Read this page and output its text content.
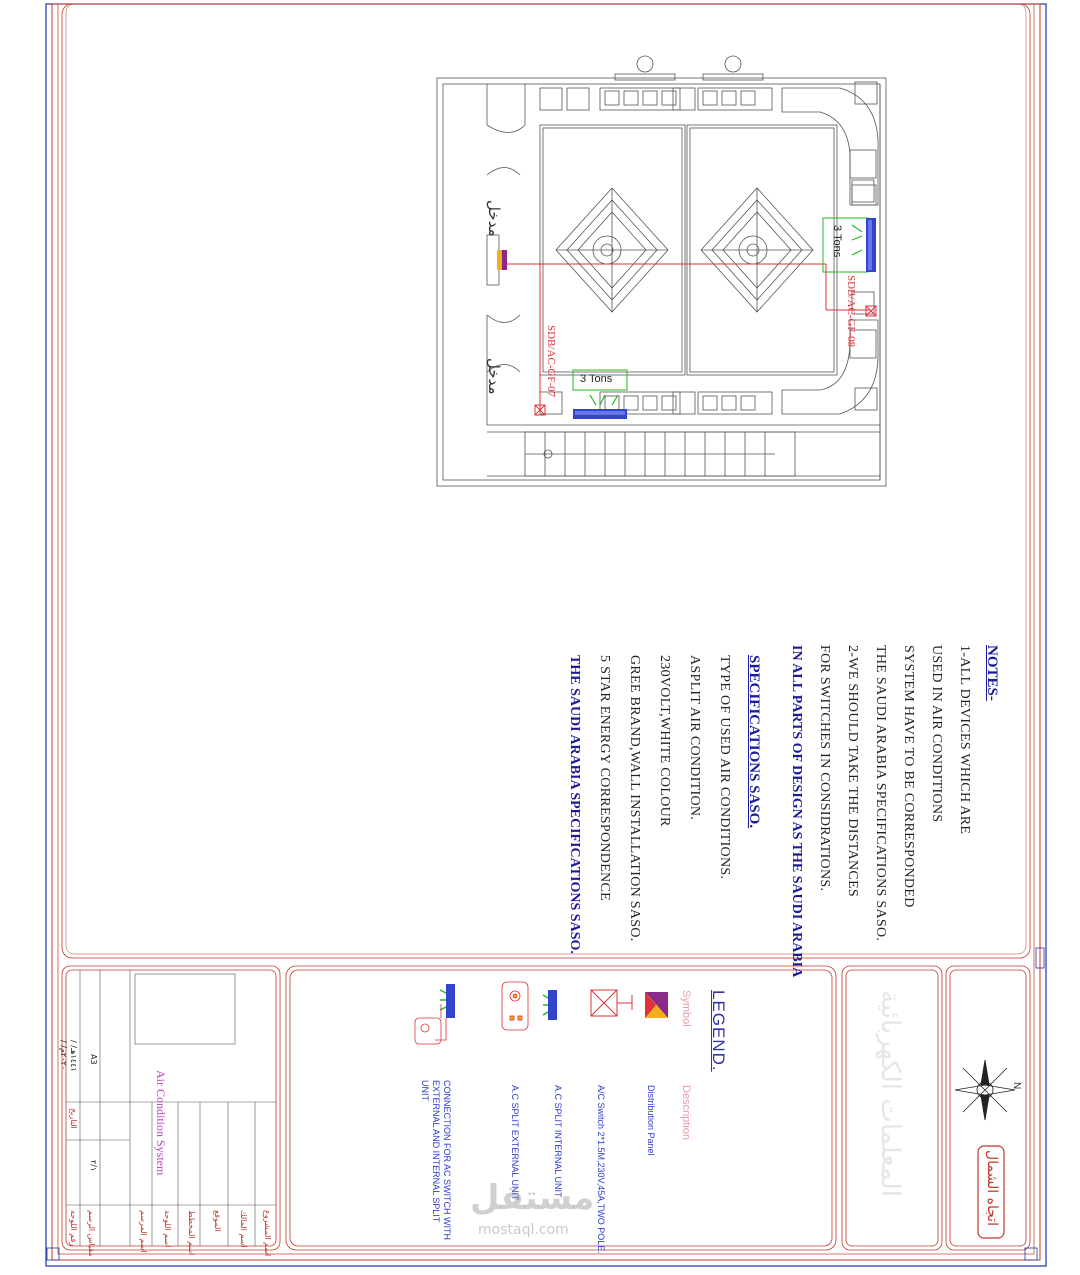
مدخل
مدخل
3 Tons
3 Tons
SDB/AC-GF-08
SDB/AC-GF-07
NOTES-
1-ALL DEVICES WHICH ARE
USED IN AIR CONDITIONS
SYSTEM HAVE TO BE CORRESPONDED
THE SAUDI ARABIA SPECIFICATIONS SASO.
2-WE SHOULD TAKE THE DISTANCES
FOR SWITCHES IN CONSIDRATIONS.
IN ALL PARTS OF DESIGN AS THE SAUDI ARABIA
SPECIFICATIONS SASO.
TYPE OF USED AIR CONDITIONS.
ASPLIT AIR CONDITION.
230VOLT,WHITE COLOUR
GREE BRAND,WALL INSTALLATION SASO.
5 STAR ENERGY CORRESPONDENCE
THE SAUDI ARABIA SPECIFICATIONS SASO.
LEGEND.
Symbol
Description
Distribution Panel
A/C Switch 2*1.5M,230V,45A,TWO POLE.
A.C SPLIT INTERNAL UNIT
A.C SPLIT EXTERNAL UNIT
CONNECTION FOR AC SWITCH WITH EXTERNAL AND INTERNAL SPLIT UNIT	المعلمات الكهربائية	اتجاه الشمال
N
Air Condition System
A3
٢/١
/ /١٤٤١هـ
/ /٢٠٢٠م
اسم المشروع
اسم المالك
الموقع
اسم المخطط
اسم اللوحة
اسم المرسم
مقياس الرسم
رقم اللوحة
التاريخ
مستقل
mostaql.com
